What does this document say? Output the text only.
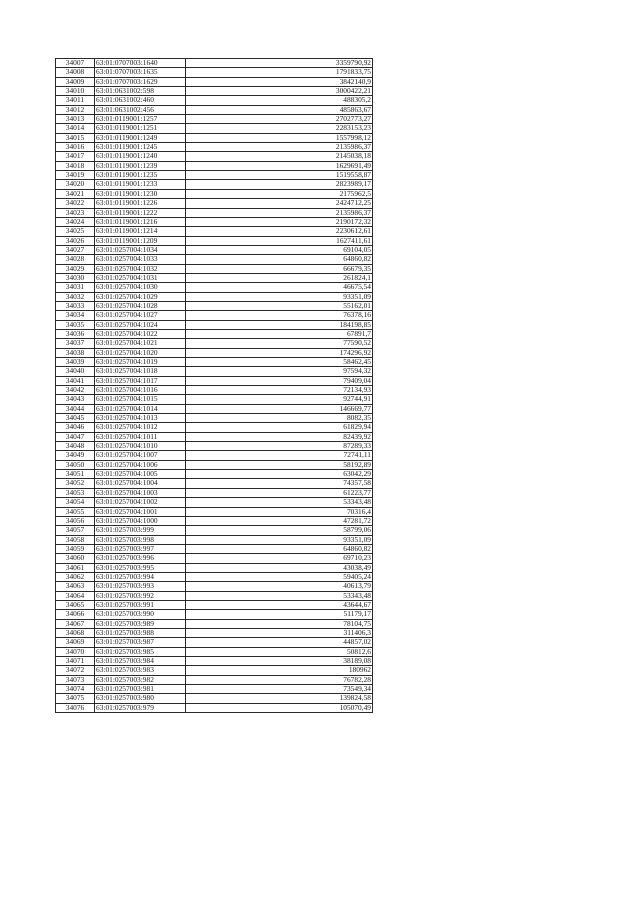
34007	63:01:0707003:1640	3359790,92
34008	63:01:0707003:1635	1791833,75
34009	63:01:0707003:1629	3842140,9
34010	63:01:0631002:598	3000422,21
34011	63:01:0631002:460	488305,2
34012	63:01:0631002:456	485863,67
34013	63:01:0119001:1257	2702773,27
34014	63:01:0119001:1251	2283153,23
34015	63:01:0119001:1249	1557998,12
34016	63:01:0119001:1245	2135986,37
34017	63:01:0119001:1240	2145038,18
34018	63:01:0119001:1239	1629691,49
34019	63:01:0119001:1235	1519558,87
34020	63:01:0119001:1233	2823989,17
34021	63:01:0119001:1230	2175962,5
34022	63:01:0119001:1226	2424712,25
34023	63:01:0119001:1222	2135986,37
34024	63:01:0119001:1216	2190172,32
34025	63:01:0119001:1214	2230612,61
34026	63:01:0119001:1209	1627411,61
34027	63:01:0257004:1034	69104,05
34028	63:01:0257004:1033	64860,82
34029	63:01:0257004:1032	66679,35
34030	63:01:0257004:1031	261824,1
34031	63:01:0257004:1030	46675,54
34032	63:01:0257004:1029	93351,09
34033	63:01:0257004:1028	55162,01
34034	63:01:0257004:1027	76378,16
34035	63:01:0257004:1024	184198,85
34036	63:01:0257004:1022	67891,7
34037	63:01:0257004:1021	77590,52
34038	63:01:0257004:1020	174296,92
34039	63:01:0257004:1019	58462,45
34040	63:01:0257004:1018	97594,32
34041	63:01:0257004:1017	79409,04
34042	63:01:0257004:1016	72134,93
34043	63:01:0257004:1015	92744,91
34044	63:01:0257004:1014	146669,77
34045	63:01:0257004:1013	8082,35
34046	63:01:0257004:1012	61829,94
34047	63:01:0257004:1011	82439,92
34048	63:01:0257004:1010	87289,33
34049	63:01:0257004:1007	72741,11
34050	63:01:0257004:1006	58192,89
34051	63:01:0257004:1005	63042,29
34052	63:01:0257004:1004	74357,58
34053	63:01:0257004:1003	61223,77
34054	63:01:0257004:1002	53343,48
34055	63:01:0257004:1001	70316,4
34056	63:01:0257004:1000	47281,72
34057	63:01:0257003:999	58799,06
34058	63:01:0257003:998	93351,09
34059	63:01:0257003:997	64860,82
34060	63:01:0257003:996	69710,23
34061	63:01:0257003:995	43038,49
34062	63:01:0257003:994	59405,24
34063	63:01:0257003:993	40613,79
34064	63:01:0257003:992	53343,48
34065	63:01:0257003:991	43644,67
34066	63:01:0257003:990	51179,17
34067	63:01:0257003:989	78104,75
34068	63:01:0257003:988	311406,3
34069	63:01:0257003:987	44857,02
34070	63:01:0257003:985	50812,6
34071	63:01:0257003:984	38189,08
34072	63:01:0257003:983	180962
34073	63:01:0257003:982	76782,28
34074	63:01:0257003:981	73549,34
34075	63:01:0257003:980	139824,58
34076	63:01:0257003:979	105070,49
